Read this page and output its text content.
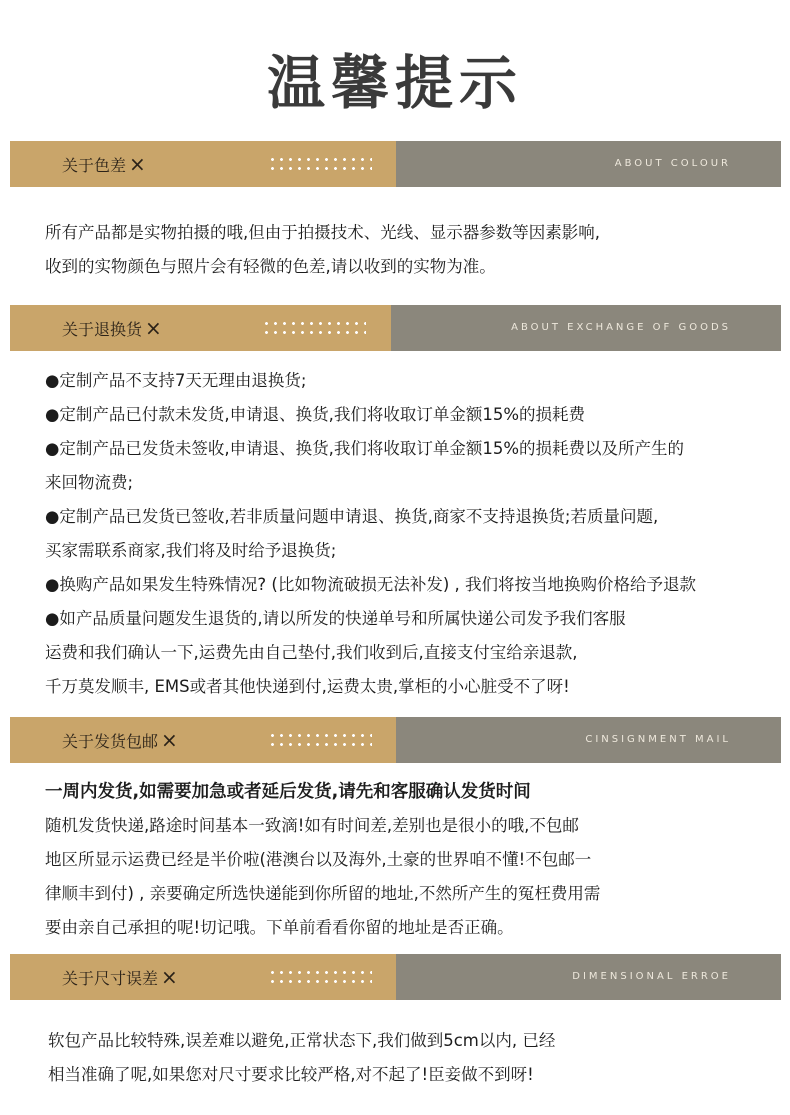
温馨提示
关于色差 ×	ABOUT COLOUR

所有产品都是实物拍摄的哦,但由于拍摄技术、光线、显示器参数等因素影响,

收到的实物颜色与照片会有轻微的色差,请以收到的实物为准。

关于退换货 ×	ABOUT EXCHANGE OF GOODS

●定制产品不支持7天无理由退换货;

●定制产品已付款未发货,申请退、换货,我们将收取订单金额15%的损耗费

●定制产品已发货未签收,申请退、换货,我们将收取订单金额15%的损耗费以及所产生的

来回物流费;

●定制产品已发货已签收,若非质量问题申请退、换货,商家不支持退换货;若质量问题,

买家需联系商家,我们将及时给予退换货;

●换购产品如果发生特殊情况? (比如物流破损无法补发) , 我们将按当地换购价格给予退款

●如产品质量问题发生退货的,请以所发的快递单号和所属快递公司发予我们客服

运费和我们确认一下,运费先由自己垫付,我们收到后,直接支付宝给亲退款,

千万莫发顺丰, EMS或者其他快递到付,运费太贵,掌柜的小心脏受不了呀!

关于发货包邮 ×	CINSIGNMENT MAIL

一周内发货,如需要加急或者延后发货,请先和客服确认发货时间

随机发货快递,路途时间基本一致滴!如有时间差,差别也是很小的哦,不包邮

地区所显示运费已经是半价啦(港澳台以及海外,土豪的世界咱不懂!不包邮一

律顺丰到付) , 亲要确定所选快递能到你所留的地址,不然所产生的冤枉费用需

要由亲自己承担的呢!切记哦。下单前看看你留的地址是否正确。

关于尺寸误差 ×	DIMENSIONAL ERROE

软包产品比较特殊,误差难以避免,正常状态下,我们做到5cm以内, 已经

相当准确了呢,如果您对尺寸要求比较严格,对不起了!臣妾做不到呀!
